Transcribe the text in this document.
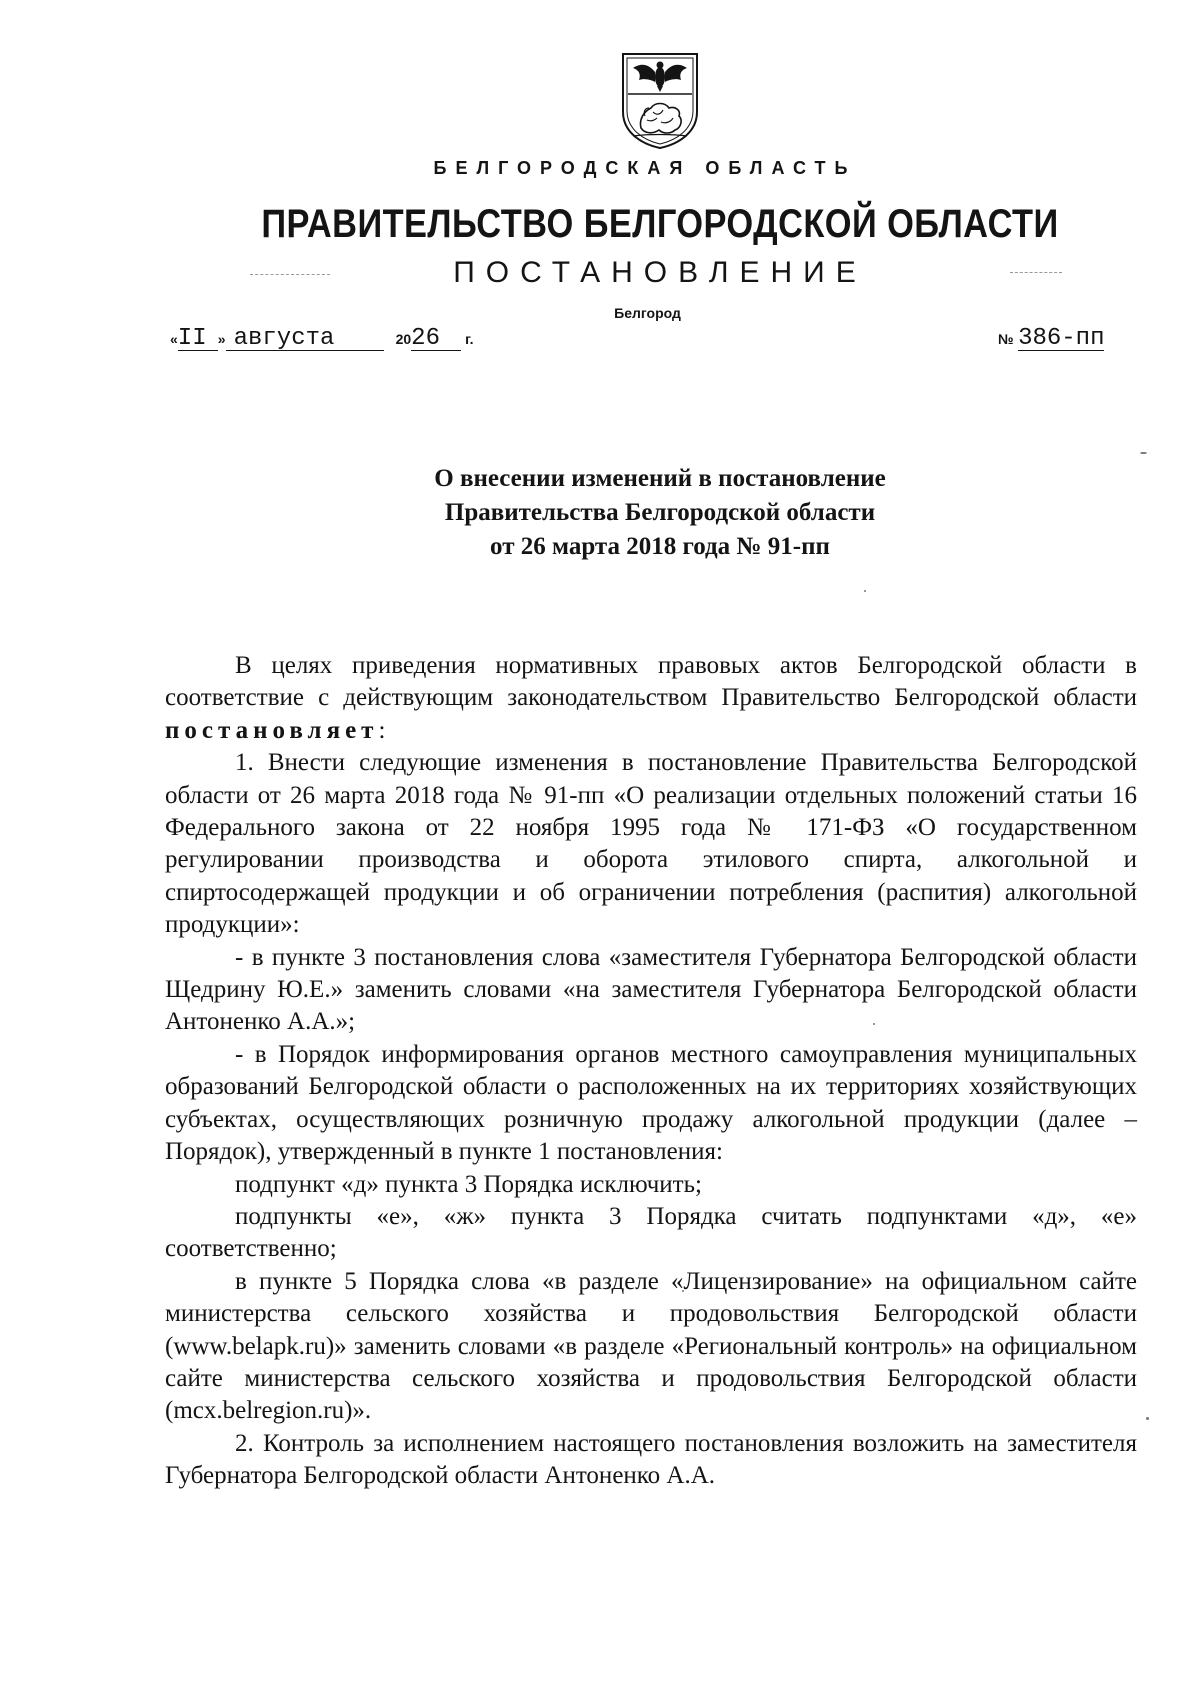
БЕЛГОРОДСКАЯ ОБЛАСТЬ
ПРАВИТЕЛЬСТВО БЕЛГОРОДСКОЙ ОБЛАСТИ
ПОСТАНОВЛЕНИЕ
Белгород
«II » августа	2026 г.	№ 386-пп
О внесении изменений в постановление
Правительства Белгородской области
от 26 марта 2018 года № 91-пп

В целях приведения нормативных правовых актов Белгородской области в соответствие с действующим законодательством Правительство Белгородской области постановляет:

1. Внести следующие изменения в постановление Правительства Белгородской области от 26 марта 2018 года № 91-пп «О реализации отдельных положений статьи 16 Федерального закона от 22 ноября 1995 года № 171-ФЗ «О государственном регулировании производства и оборота этилового спирта, алкогольной и спиртосодержащей продукции и об ограничении потребления (распития) алкогольной продукции»:

- в пункте 3 постановления слова «заместителя Губернатора Белгородской области Щедрину Ю.Е.» заменить словами «на заместителя Губернатора Белгородской области Антоненко А.А.»;

- в Порядок информирования органов местного самоуправления муниципальных образований Белгородской области о расположенных на их территориях хозяйствующих субъектах, осуществляющих розничную продажу алкогольной продукции (далее – Порядок), утвержденный в пункте 1 постановления:

подпункт «д» пункта 3 Порядка исключить;

подпункты «е», «ж» пункта 3 Порядка считать подпунктами «д», «е» соответственно;

в пункте 5 Порядка слова «в разделе «Лицензирование» на официальном сайте министерства сельского хозяйства и продовольствия Белгородской области (www.belapk.ru)» заменить словами «в разделе «Региональный контроль» на официальном сайте министерства сельского хозяйства и продовольствия Белгородской области (mcx.belregion.ru)».

2. Контроль за исполнением настоящего постановления возложить на заместителя Губернатора Белгородской области Антоненко А.А.
